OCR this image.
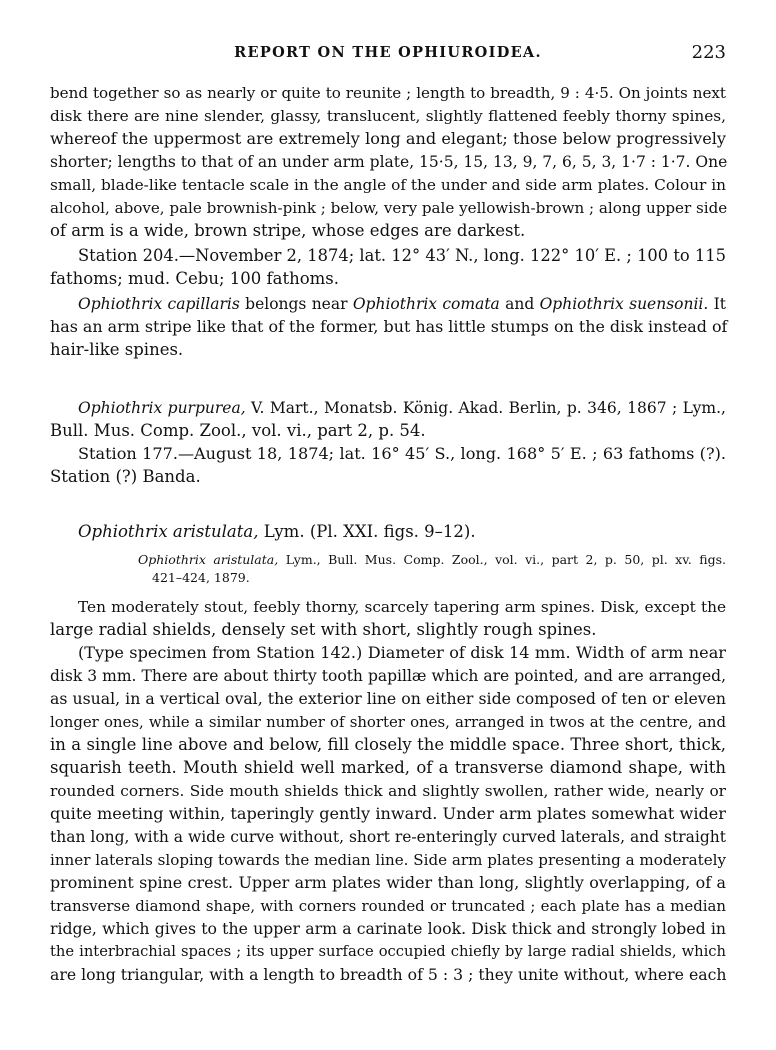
REPORT ON THE OPHIUROIDEA.	223
bend together so as nearly or quite to reunite ; length to breadth, 9 : 4·5. On joints next
disk there are nine slender, glassy, translucent, slightly flattened feebly thorny spines,
whereof the uppermost are extremely long and elegant; those below progressively
shorter; lengths to that of an under arm plate, 15·5, 15, 13, 9, 7, 6, 5, 3, 1·7 : 1·7. One
small, blade-like tentacle scale in the angle of the under and side arm plates. Colour in
alcohol, above, pale brownish-pink ; below, very pale yellowish-brown ; along upper side
of arm is a wide, brown stripe, whose edges are darkest.
Station 204.—November 2, 1874; lat. 12° 43′ N., long. 122° 10′ E. ; 100 to 115
fathoms; mud. Cebu; 100 fathoms.
Ophiothrix capillaris belongs near Ophiothrix comata and Ophiothrix suensonii. It
has an arm stripe like that of the former, but has little stumps on the disk instead of
hair-like spines.
Ophiothrix purpurea, V. Mart., Monatsb. König. Akad. Berlin, p. 346, 1867 ; Lym.,
Bull. Mus. Comp. Zool., vol. vi., part 2, p. 54.
Station 177.—August 18, 1874; lat. 16° 45′ S., long. 168° 5′ E. ; 63 fathoms (?).
Station (?) Banda.
Ophiothrix aristulata, Lym. (Pl. XXI. figs. 9–12).
Ophiothrix aristulata, Lym., Bull. Mus. Comp. Zool., vol. vi., part 2, p. 50, pl. xv. figs.
421–424, 1879.
Ten moderately stout, feebly thorny, scarcely tapering arm spines. Disk, except the
large radial shields, densely set with short, slightly rough spines.
(Type specimen from Station 142.) Diameter of disk 14 mm. Width of arm near
disk 3 mm. There are about thirty tooth papillæ which are pointed, and are arranged,
as usual, in a vertical oval, the exterior line on either side composed of ten or eleven
longer ones, while a similar number of shorter ones, arranged in twos at the centre, and
in a single line above and below, fill closely the middle space. Three short, thick,
squarish teeth. Mouth shield well marked, of a transverse diamond shape, with
rounded corners. Side mouth shields thick and slightly swollen, rather wide, nearly or
quite meeting within, taperingly gently inward. Under arm plates somewhat wider
than long, with a wide curve without, short re-enteringly curved laterals, and straight
inner laterals sloping towards the median line. Side arm plates presenting a moderately
prominent spine crest. Upper arm plates wider than long, slightly overlapping, of a
transverse diamond shape, with corners rounded or truncated ; each plate has a median
ridge, which gives to the upper arm a carinate look. Disk thick and strongly lobed in
the interbrachial spaces ; its upper surface occupied chiefly by large radial shields, which
are long triangular, with a length to breadth of 5 : 3 ; they unite without, where each
